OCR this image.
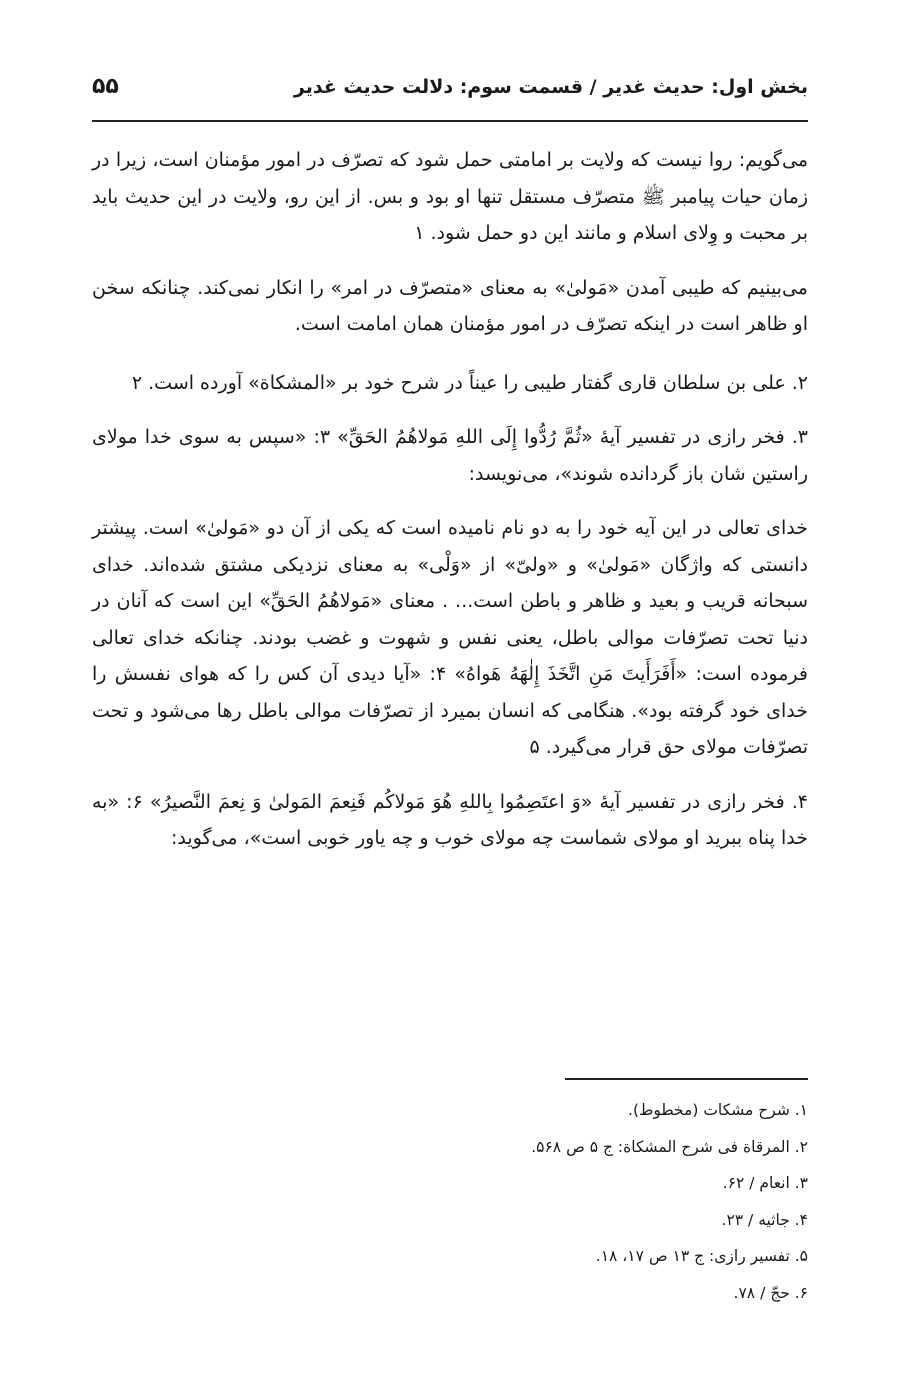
بخش اول: حدیث غدیر / قسمت سوم: دلالت حدیث غدیر
۵۵

می‌گویم: روا نیست که ولایت بر امامتی حمل شود که تصرّف در امور مؤمنان است، زیرا در زمان حیات پیامبر ﷺ متصرّف مستقل تنها او بود و بس. از این رو، ولایت در این حدیث باید بر محبت و وِلای اسلام و مانند این دو حمل شود. ۱

می‌بینیم که طیبی آمدن «مَولیٰ» به معنای «متصرّف در امر» را انکار نمی‌کند. چنانکه سخن او ظاهر است در اینکه تصرّف در امور مؤمنان همان امامت است.

۲. علی بن سلطان قاری گفتار طیبی را عیناً در شرح خود بر «المشکاة» آورده است. ۲

۳. فخر رازی در تفسیر آیهٔ «ثُمَّ رُدُّوا إِلَى اللهِ مَولاهُمُ الحَقِّ» ۳: «سپس به سوی خدا مولای راستین شان باز گردانده شوند»، می‌نویسد:

خدای تعالی در این آیه خود را به دو نام نامیده است که یکی از آن دو «مَولیٰ» است. پیشتر دانستی که واژگان «مَولیٰ» و «ولیّ» از «وَلْی» به معنای نزدیکی مشتق شده‌اند. خدای سبحانه قریب و بعید و ظاهر و باطن است... . معنای «مَولاهُمُ الحَقِّ» این است که آنان در دنیا تحت تصرّفات موالی باطل، یعنی نفس و شهوت و غضب بودند. چنانکه خدای تعالی فرموده است: «أَفَرَأَيتَ مَنِ اتَّخَذَ إِلٰهَهُ هَواهُ» ۴: «آیا دیدی آن کس را که هوای نفسش را خدای خود گرفته بود». هنگامی که انسان بمیرد از تصرّفات موالی باطل رها می‌شود و تحت تصرّفات مولای حق قرار می‌گیرد. ۵

۴. فخر رازی در تفسیر آیهٔ «وَ اعتَصِمُوا بِاللهِ هُوَ مَولاكُم فَنِعمَ المَولىٰ وَ نِعمَ النَّصيرُ» ۶: «به خدا پناه ببرید او مولای شماست چه مولای خوب و چه یاور خوبی است»، می‌گوید:

۱. شرح مشکات (مخطوط).
۲. المرقاة فی شرح المشکاة: ج ۵ ص ۵۶۸.
۳. انعام / ۶۲.
۴. جاثیه / ۲۳.
۵. تفسیر رازی: ج ۱۳ ص ۱۷، ۱۸.
۶. حجّ / ۷۸.
